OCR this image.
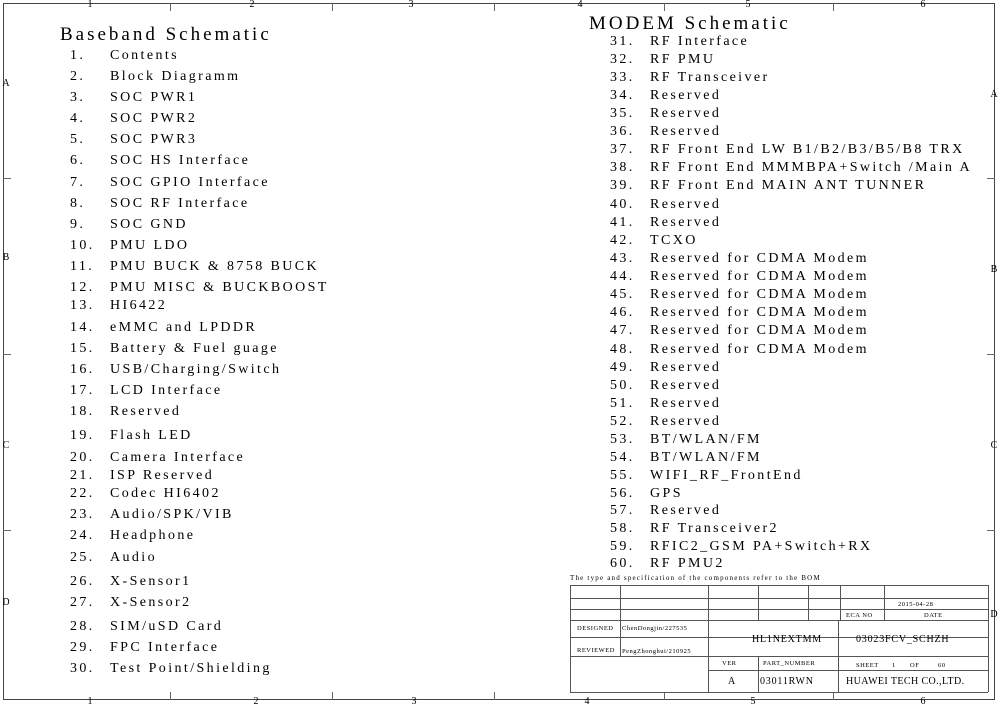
1	2	3	4	5	6
1	2	3	4	5	6
A
B
C
D
A
B
C
D
Baseband Schematic
MODEM Schematic
1. Contents
2. Block Diagramm
3. SOC PWR1
4. SOC PWR2
5. SOC PWR3
6. SOC HS Interface
7. SOC GPIO Interface
8. SOC RF Interface
9. SOC GND
10. PMU LDO
11. PMU BUCK & 8758 BUCK
12. PMU MISC & BUCKBOOST
13. HI6422
14. eMMC and LPDDR
15. Battery & Fuel guage
16. USB/Charging/Switch
17. LCD Interface
18. Reserved
19. Flash LED
20. Camera Interface
21. ISP Reserved
22. Codec HI6402
23. Audio/SPK/VIB
24. Headphone
25. Audio
26. X-Sensor1
27. X-Sensor2
28. SIM/uSD Card
29. FPC Interface
30. Test Point/Shielding
31. RF Interface
32. RF PMU
33. RF Transceiver
34. Reserved
35. Reserved
36. Reserved
37. RF Front End LW B1/B2/B3/B5/B8 TRX
38. RF Front End MMMBPA+Switch /Main A
39. RF Front End MAIN ANT TUNNER
40. Reserved
41. Reserved
42. TCXO
43. Reserved for CDMA Modem
44. Reserved for CDMA Modem
45. Reserved for CDMA Modem
46. Reserved for CDMA Modem
47. Reserved for CDMA Modem
48. Reserved for CDMA Modem
49. Reserved
50. Reserved
51. Reserved
52. Reserved
53. BT/WLAN/FM
54. BT/WLAN/FM
55. WIFI_RF_FrontEnd
56. GPS
57. Reserved
58. RF Transceiver2
59. RFIC2_GSM PA+Switch+RX
60. RF PMU2
The type and specification of the components refer to the BOM
2015-04-28
ECA NO	DATE
DESIGNED ChenDongjin/227535
REVIEWED PengZhonghui/210925
HL1NEXTMM	03023FCV_SCHZH
VER	PART_NUMBER	SHEET 1 OF	60
A 03011RWN	HUAWEI TECH CO.,LTD.
